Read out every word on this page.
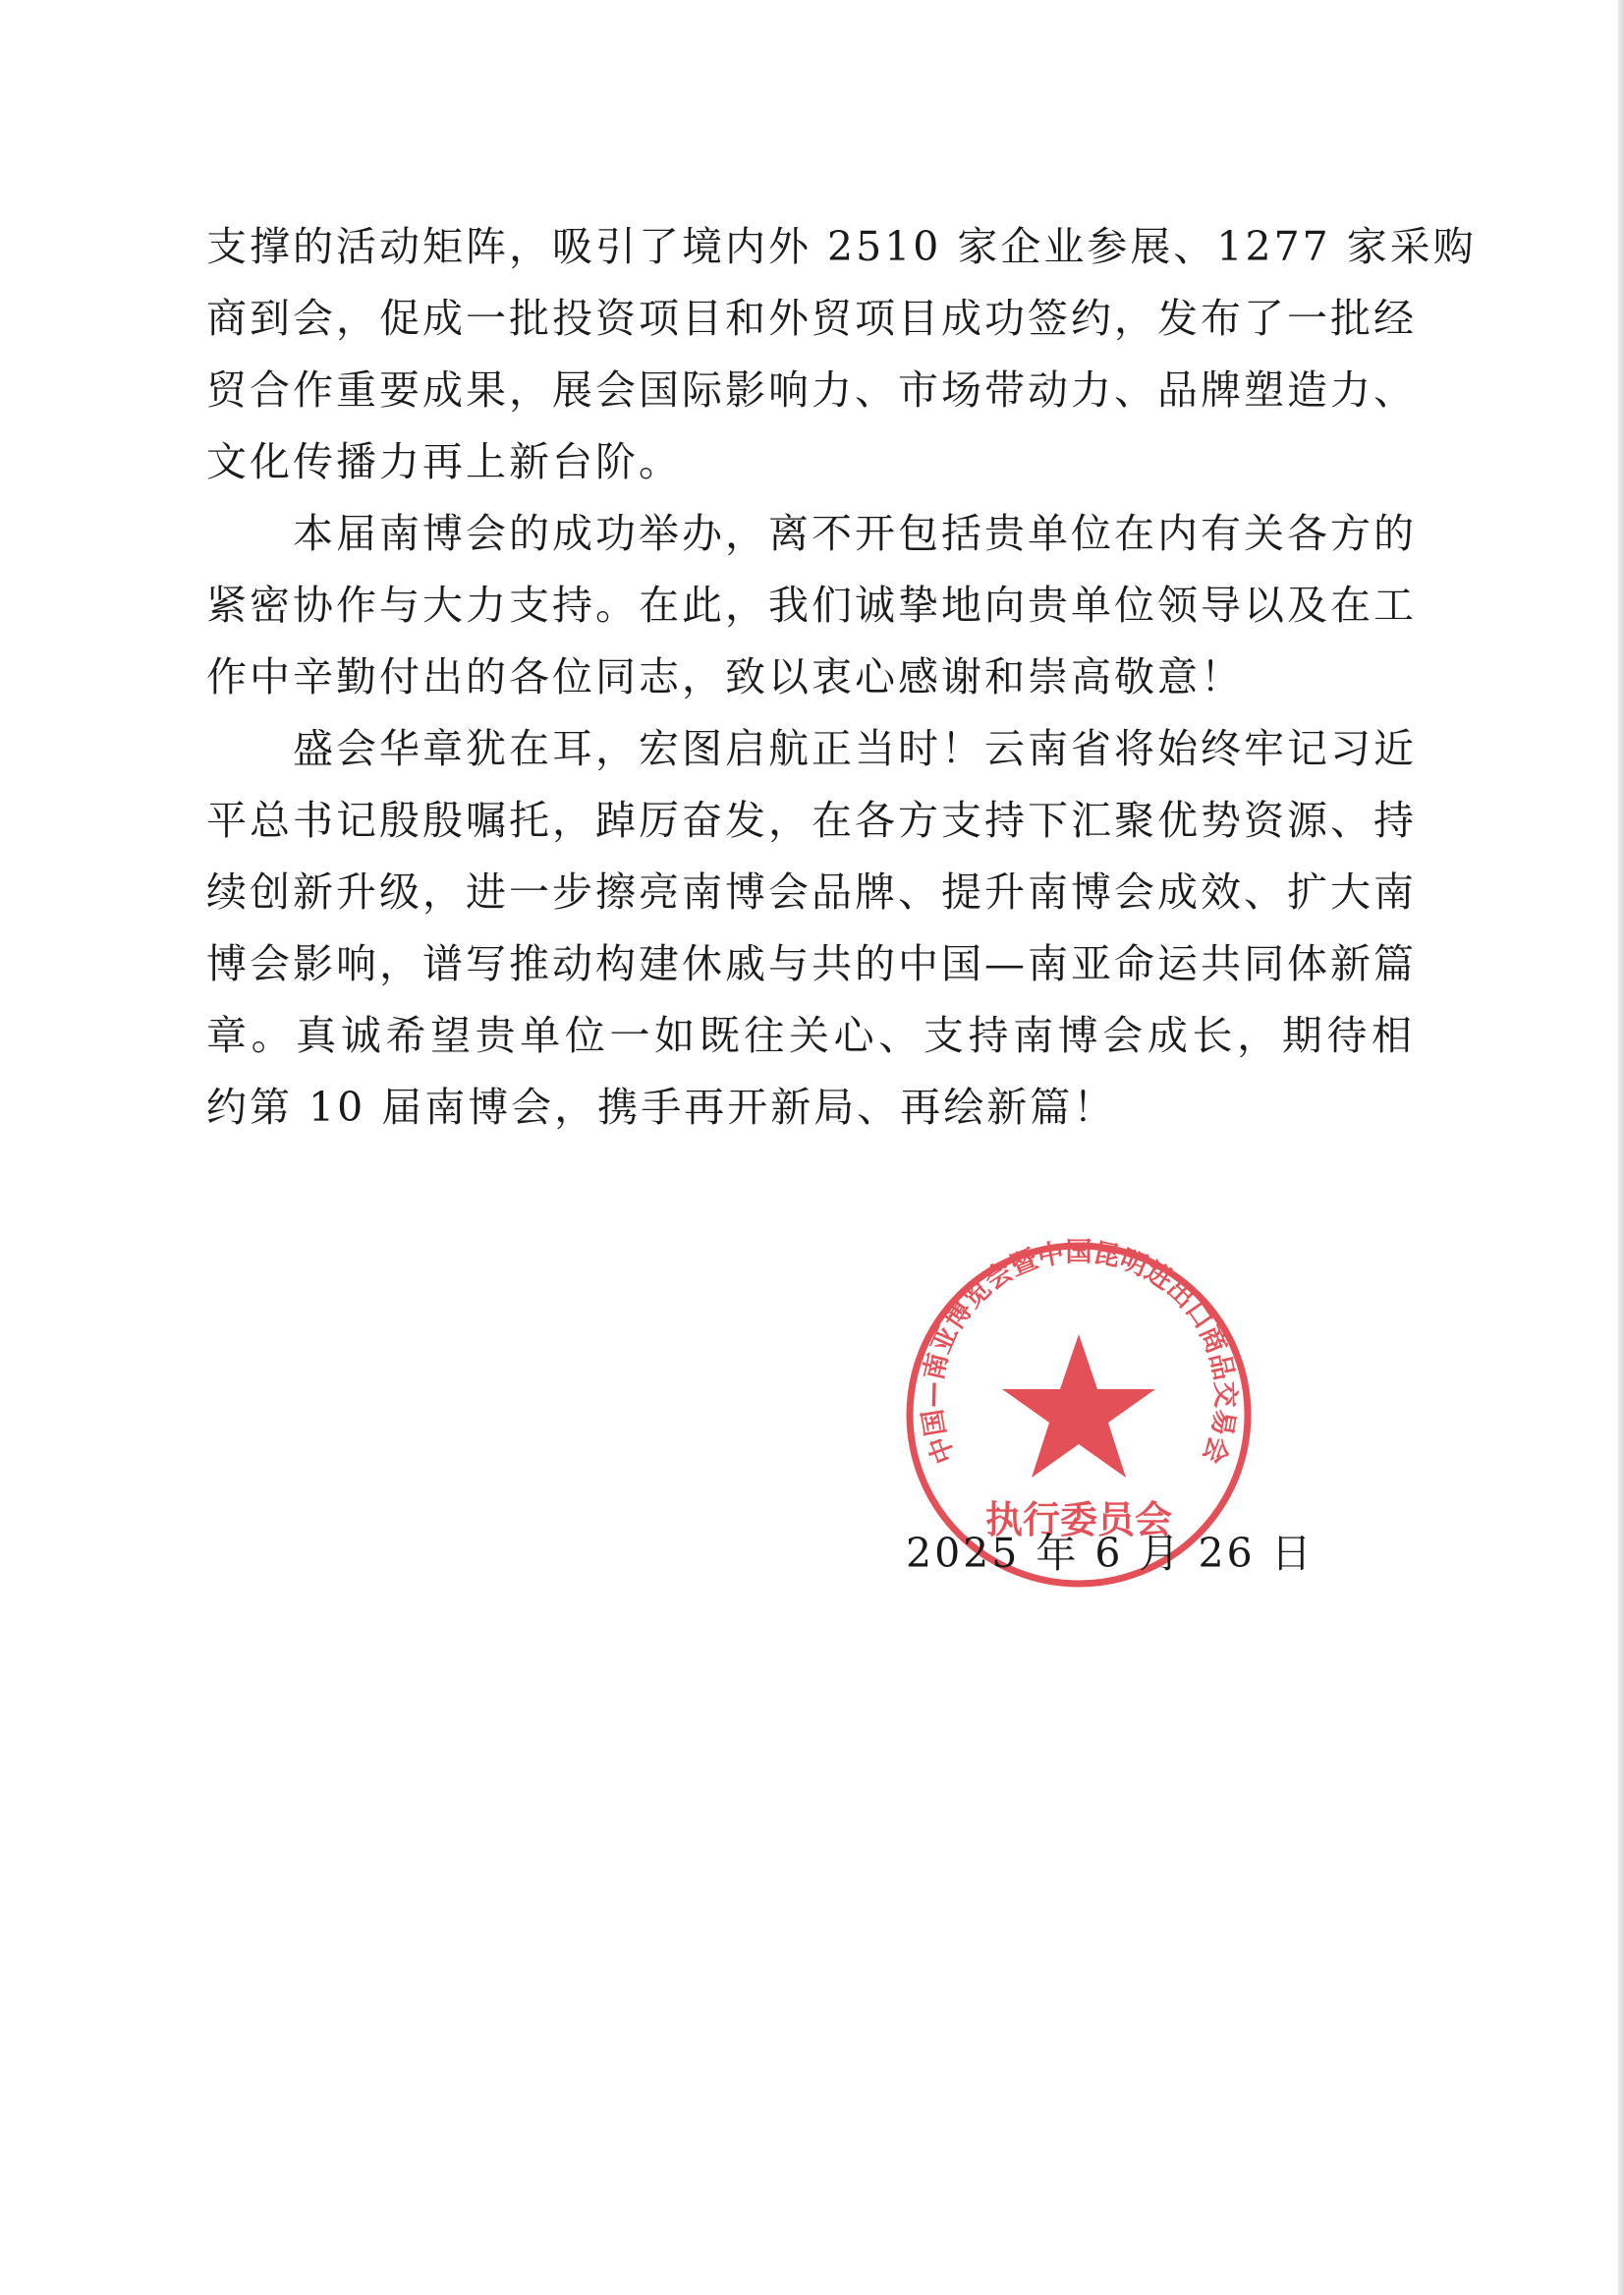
支撑的活动矩阵，吸引了境内外 2510 家企业参展、1277 家采购
商到会，促成一批投资项目和外贸项目成功签约，发布了一批经
贸合作重要成果，展会国际影响力、市场带动力、品牌塑造力、
文化传播力再上新台阶。
本届南博会的成功举办，离不开包括贵单位在内有关各方的
紧密协作与大力支持。在此，我们诚挚地向贵单位领导以及在工
作中辛勤付出的各位同志，致以衷心感谢和崇高敬意！
盛会华章犹在耳，宏图启航正当时！云南省将始终牢记习近
平总书记殷殷嘱托，踔厉奋发，在各方支持下汇聚优势资源、持
续创新升级，进一步擦亮南博会品牌、提升南博会成效、扩大南
博会影响，谱写推动构建休戚与共的中国—南亚命运共同体新篇
章。真诚希望贵单位一如既往关心、支持南博会成长，期待相
约第 10 届南博会，携手再开新局、再绘新篇！
中国—南亚博览会暨中国昆明进出口商品交易会
执行委员会
2025 年 6 月 26 日
